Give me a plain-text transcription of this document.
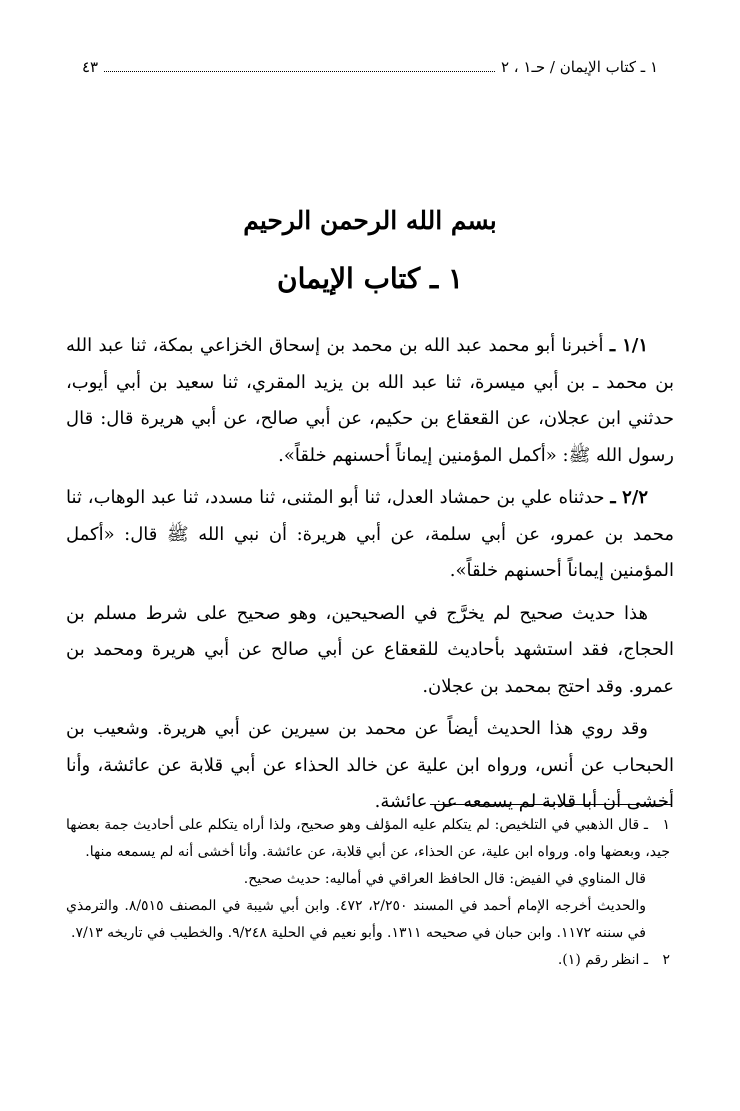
١ ـ كتاب الإيمان / حـ١ ، ٢
٤٣
بسم الله الرحمن الرحيم
١ ـ كتاب الإيمان

١/١ ـ أخبرنا أبو محمد عبد الله بن محمد بن إسحاق الخزاعي بمكة، ثنا عبد الله بن محمد ـ بن أبي ميسرة، ثنا عبد الله بن يزيد المقري، ثنا سعيد بن أبي أيوب، حدثني ابن عجلان، عن القعقاع بن حكيم، عن أبي صالح، عن أبي هريرة قال: قال رسول الله ﷺ: «أكمل المؤمنين إيماناً أحسنهم خلقاً».

٢/٢ ـ حدثناه علي بن حمشاد العدل، ثنا أبو المثنى، ثنا مسدد، ثنا عبد الوهاب، ثنا محمد بن عمرو، عن أبي سلمة، عن أبي هريرة: أن نبي الله ﷺ قال: «أكمل المؤمنين إيماناً أحسنهم خلقاً».

هذا حديث صحيح لم يخرَّج في الصحيحين، وهو صحيح على شرط مسلم بن الحجاج، فقد استشهد بأحاديث للقعقاع عن أبي صالح عن أبي هريرة ومحمد بن عمرو. وقد احتج بمحمد بن عجلان.

وقد روي هذا الحديث أيضاً عن محمد بن سيرين عن أبي هريرة. وشعيب بن الحبحاب عن أنس، ورواه ابن علية عن خالد الحذاء عن أبي قلابة عن عائشة، وأنا أخشى أن أبا قلابة لم يسمعه عن عائشة.

١ـ قال الذهبي في التلخيص: لم يتكلم عليه المؤلف وهو صحيح، ولذا أراه يتكلم على أحاديث جمة بعضها جيد، وبعضها واه. ورواه ابن علية، عن الحذاء، عن أبي قلابة، عن عائشة. وأنا أخشى أنه لم يسمعه منها.

قال المناوي في الفيض: قال الحافظ العراقي في أماليه: حديث صحيح.

والحديث أخرجه الإمام أحمد في المسند ٢/٢٥٠، ٤٧٢. وابن أبي شيبة في المصنف ٨/٥١٥. والترمذي في سننه ١١٧٢. وابن حبان في صحيحه ١٣١١. وأبو نعيم في الحلية ٩/٢٤٨. والخطيب في تاريخه ٧/١٣.

٢ـ انظر رقم (١).
